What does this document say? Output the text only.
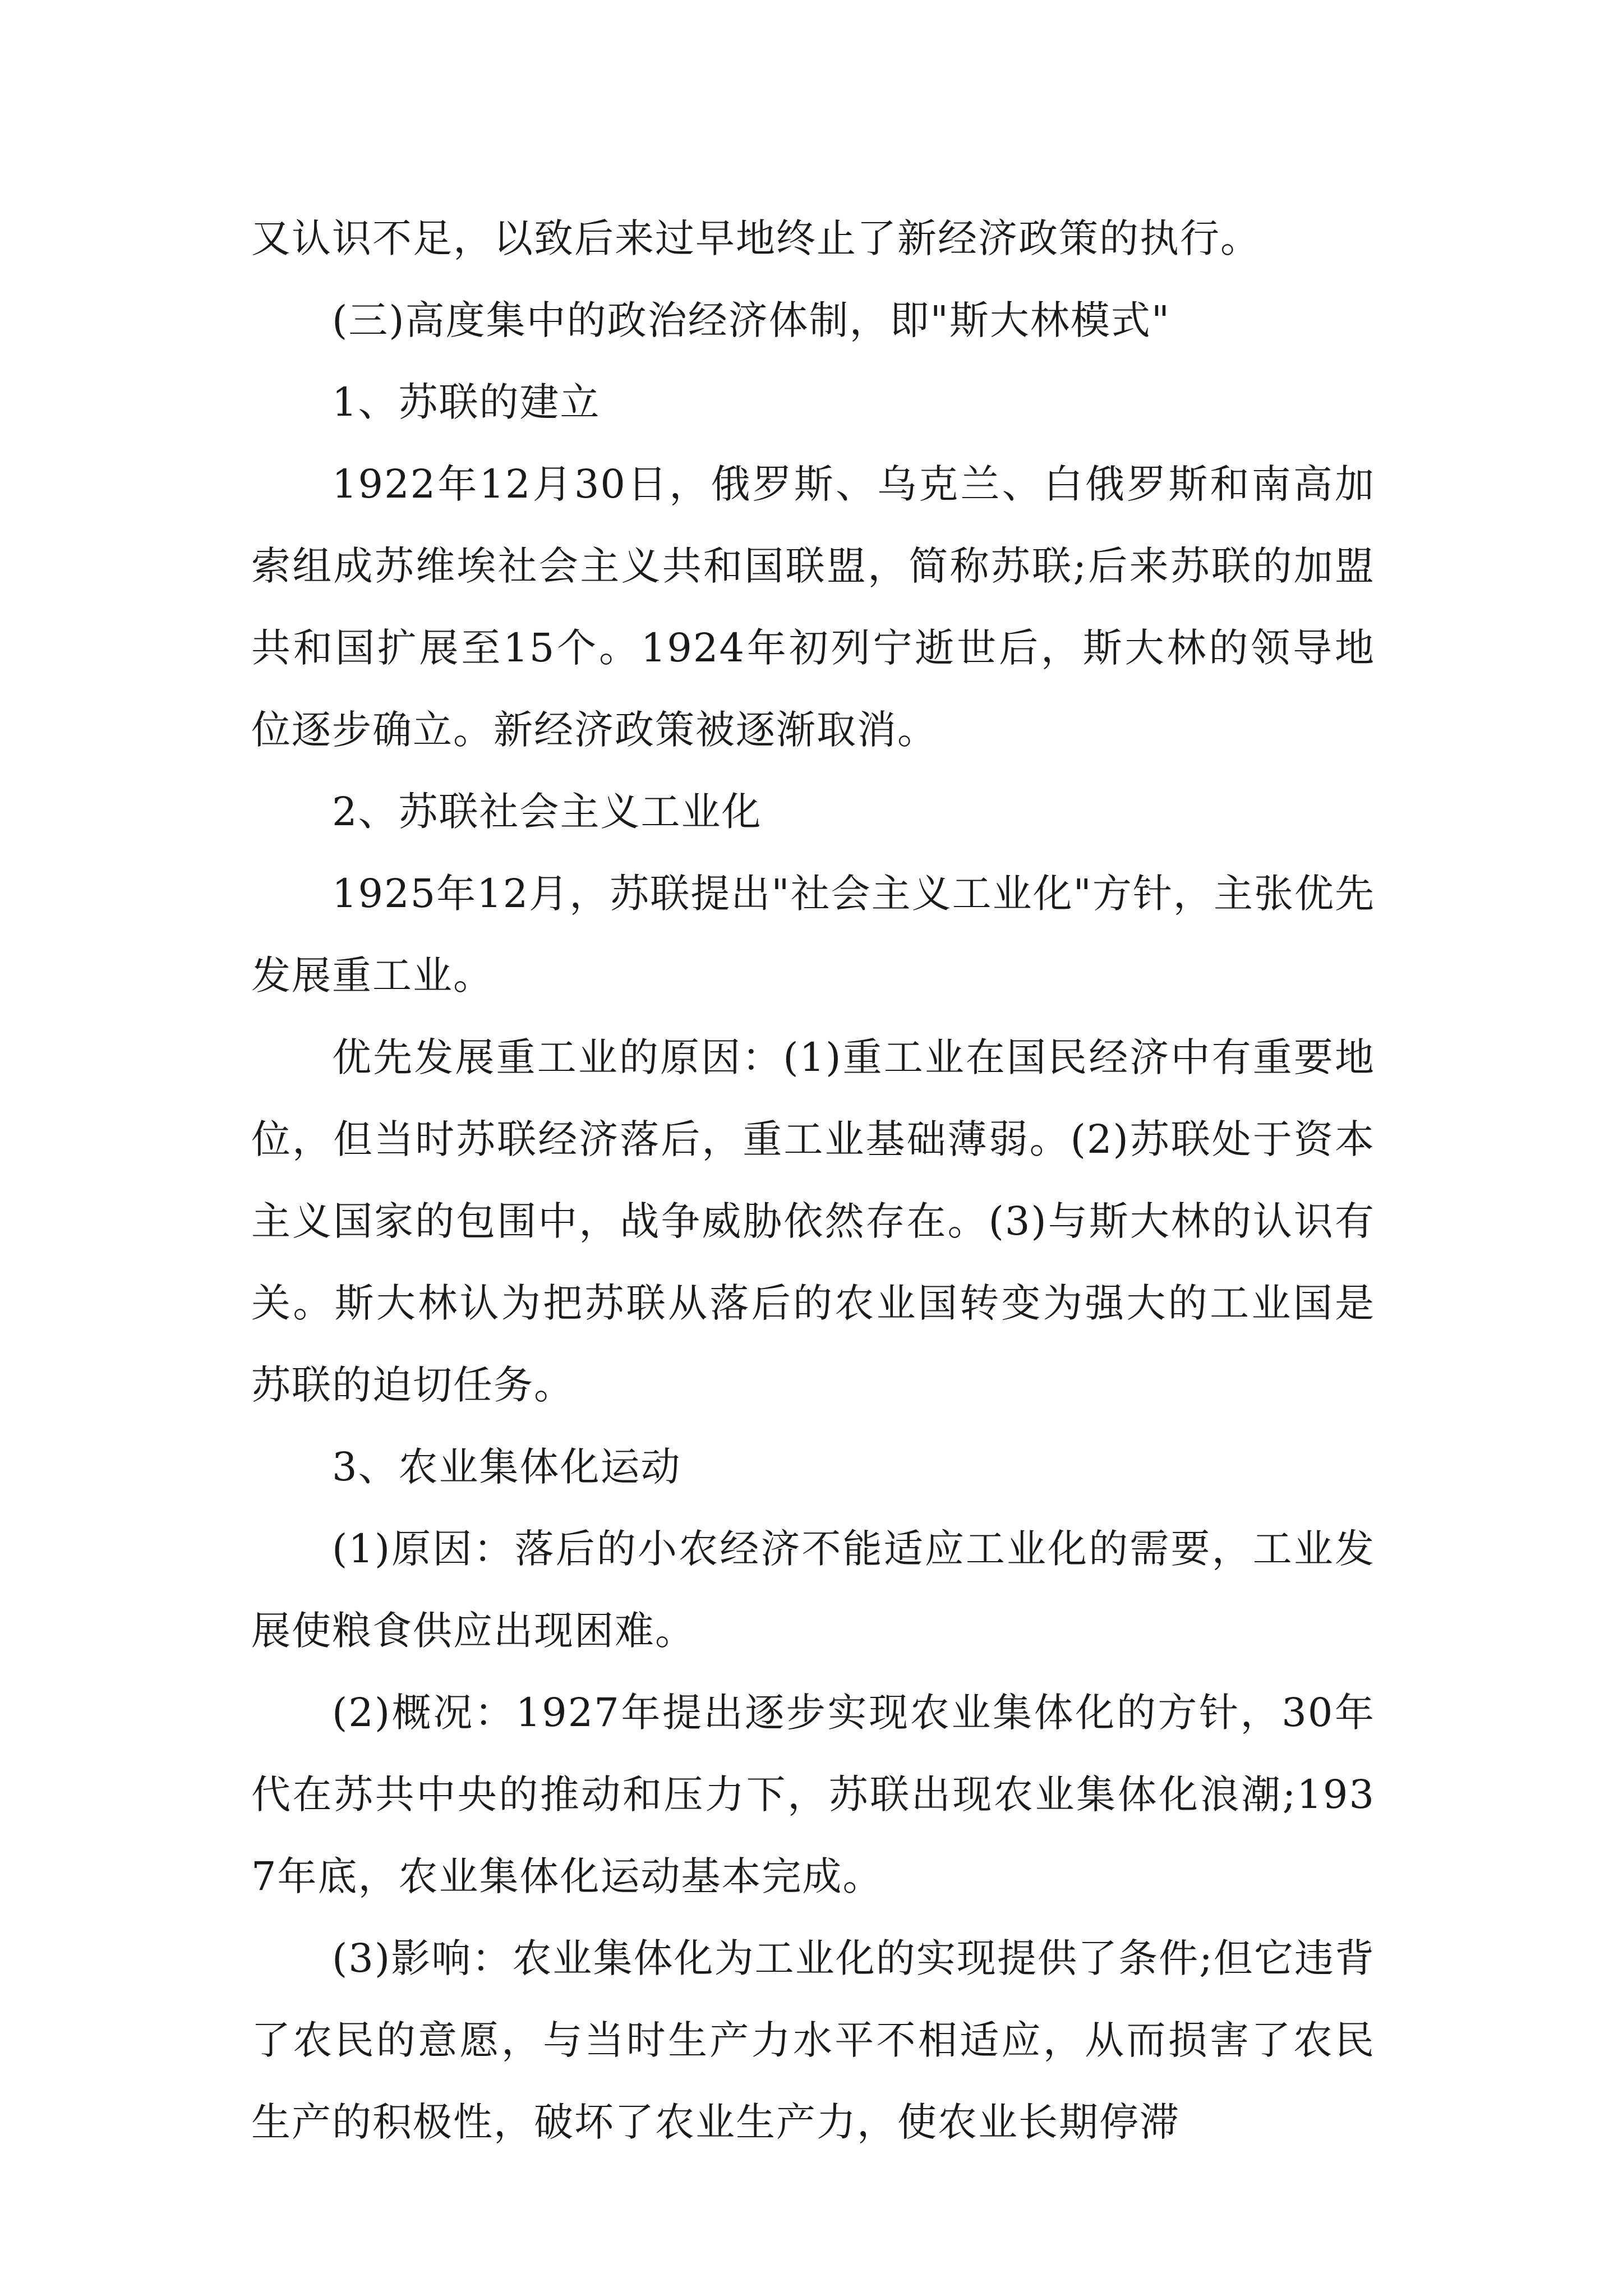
又认识不足，以致后来过早地终止了新经济政策的执行。

(三)高度集中的政治经济体制，即"斯大林模式"

1、苏联的建立

1922年12月30日，俄罗斯、乌克兰、白俄罗斯和南高加索组成苏维埃社会主义共和国联盟，简称苏联;后来苏联的加盟共和国扩展至15个。1924年初列宁逝世后，斯大林的领导地位逐步确立。新经济政策被逐渐取消。

2、苏联社会主义工业化

1925年12月，苏联提出"社会主义工业化"方针，主张优先发展重工业。

优先发展重工业的原因：(1)重工业在国民经济中有重要地位，但当时苏联经济落后，重工业基础薄弱。(2)苏联处于资本主义国家的包围中，战争威胁依然存在。(3)与斯大林的认识有关。斯大林认为把苏联从落后的农业国转变为强大的工业国是苏联的迫切任务。

3、农业集体化运动

(1)原因：落后的小农经济不能适应工业化的需要，工业发展使粮食供应出现困难。

(2)概况：1927年提出逐步实现农业集体化的方针，30年代在苏共中央的推动和压力下，苏联出现农业集体化浪潮;1937年底，农业集体化运动基本完成。

(3)影响：农业集体化为工业化的实现提供了条件;但它违背了农民的意愿，与当时生产力水平不相适应，从而损害了农民生产的积极性，破坏了农业生产力，使农业长期停滞
